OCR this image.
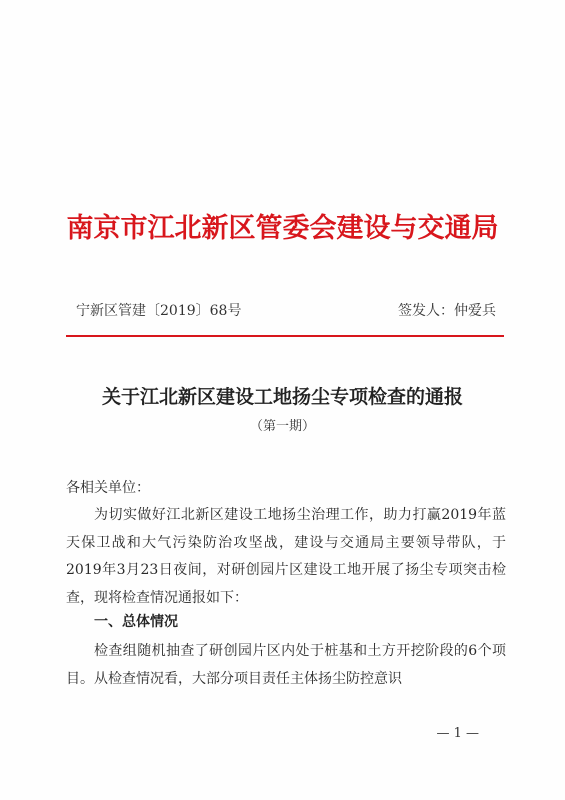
南京市江北新区管委会建设与交通局
宁新区管建〔2019〕68号	签发人：仲爱兵
关于江北新区建设工地扬尘专项检查的通报
（第一期）
各相关单位：
为切实做好江北新区建设工地扬尘治理工作，助力打赢2019年蓝天保卫战和大气污染防治攻坚战，建设与交通局主要领导带队，于2019年3月23日夜间，对研创园片区建设工地开展了扬尘专项突击检查，现将检查情况通报如下：
一、总体情况
检查组随机抽查了研创园片区内处于桩基和土方开挖阶段的6个项目。从检查情况看，大部分项目责任主体扬尘防控意识
— 1 —
